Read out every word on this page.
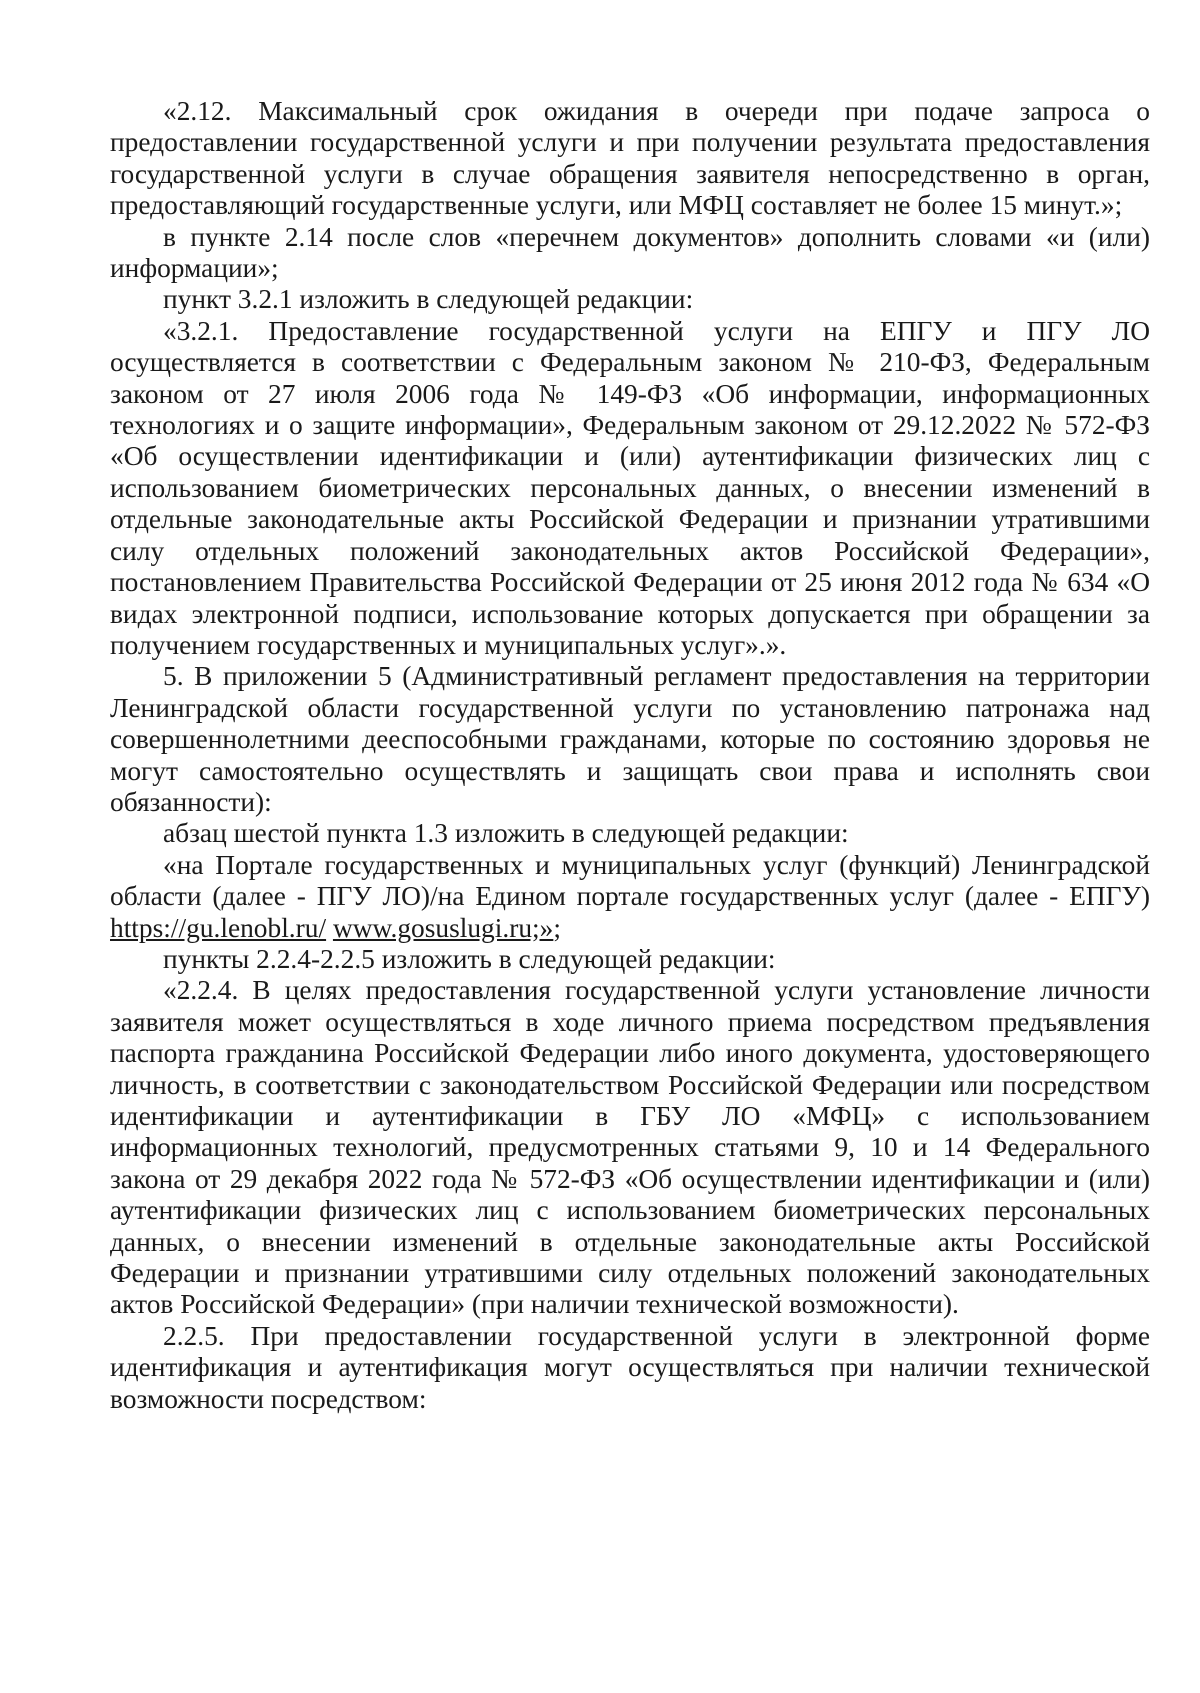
«2.12. Максимальный срок ожидания в очереди при подаче запроса о предоставлении государственной услуги и при получении результата предоставления государственной услуги в случае обращения заявителя непосредственно в орган, предоставляющий государственные услуги, или МФЦ составляет не более 15 минут.»;

в пункте 2.14 после слов «перечнем документов» дополнить словами «и (или) информации»;

пункт 3.2.1 изложить в следующей редакции:

«3.2.1. Предоставление государственной услуги на ЕПГУ и ПГУ ЛО осуществляется в соответствии с Федеральным законом № 210-ФЗ, Федеральным законом от 27 июля 2006 года № 149-ФЗ «Об информации, информационных технологиях и о защите информации», Федеральным законом от 29.12.2022 № 572-ФЗ «Об осуществлении идентификации и (или) аутентификации физических лиц с использованием биометрических персональных данных, о внесении изменений в отдельные законодательные акты Российской Федерации и признании утратившими силу отдельных положений законодательных актов Российской Федерации», постановлением Правительства Российской Федерации от 25 июня 2012 года № 634 «О видах электронной подписи, использование которых допускается при обращении за получением государственных и муниципальных услуг».».

5. В приложении 5 (Административный регламент предоставления на территории Ленинградской области государственной услуги по установлению патронажа над совершеннолетними дееспособными гражданами, которые по состоянию здоровья не могут самостоятельно осуществлять и защищать свои права и исполнять свои обязанности):

абзац шестой пункта 1.3 изложить в следующей редакции:

«на Порталe государственных и муниципальных услуг (функций) Ленинградской области (далее - ПГУ ЛО)/на Едином портале государственных услуг (далее - ЕПГУ) https://gu.lenobl.ru/ www.gosuslugi.ru;»;

пункты 2.2.4-2.2.5 изложить в следующей редакции:

«2.2.4. В целях предоставления государственной услуги установление личности заявителя может осуществляться в ходе личного приема посредством предъявления паспорта гражданина Российской Федерации либо иного документа, удостоверяющего личность, в соответствии с законодательством Российской Федерации или посредством идентификации и аутентификации в ГБУ ЛО «МФЦ» с использованием информационных технологий, предусмотренных статьями 9, 10 и 14 Федерального закона от 29 декабря 2022 года № 572-ФЗ «Об осуществлении идентификации и (или) аутентификации физических лиц с использованием биометрических персональных данных, о внесении изменений в отдельные законодательные акты Российской Федерации и признании утратившими силу отдельных положений законодательных актов Российской Федерации» (при наличии технической возможности).

2.2.5. При предоставлении государственной услуги в электронной форме идентификация и аутентификация могут осуществляться при наличии технической возможности посредством:
